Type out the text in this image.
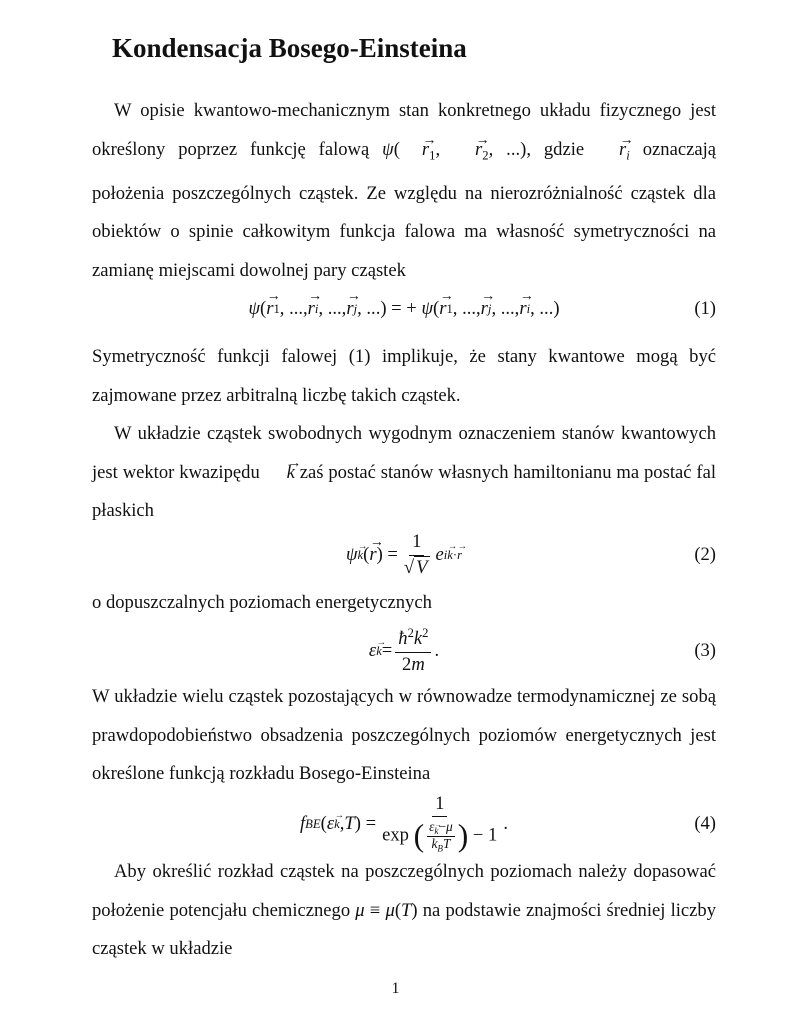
Kondensacja Bosego-Einsteina

W opisie kwantowo-mechanicznym stan konkretnego układu fizycznego jest określony poprzez funkcję falową ψ( $r \to_1$, $r \to_2$, ...), gdzie $r \to_i$ oznaczają położenia poszczególnych cząstek. Ze względu na nierozróżnialność cząstek dla obiektów o spinie całkowitym funkcja falowa ma własność symetryczności na zamianę miejscami dowolnej pary cząstek

ψ ( r → 1 , ..., r → i , ..., r → j , ...) = + ψ ( r → 1 , ..., r → j , ..., r → i , ...)	(1)

Symetryczność funkcji falowej (1) implikuje, że stany kwantowe mogą być zajmowane przez arbitralną liczbę takich cząstek.

W układzie cząstek swobodnych wygodnym oznaczeniem stanów kwantowych jest wektor kwazipędu k → zaś postać stanów własnych hamiltonianu ma postać fal płaskich

ψ k → ( r → ) = $\frac{1}{√ V}$ e ik →·r →	(2)

o dopuszczalnych poziomach energetycznych

ε k → = $\frac{ħ^2k^2}{2m}$ .	(3)

W układzie wielu cząstek pozostających w równowadze termodynamicznej ze sobą prawdopodobieństwo obsadzenia poszczególnych poziomów energetycznych jest określone funkcją rozkładu Bosego-Einsteina

f BE ( ε k → , T ) = $\frac{1}{\exp ( \frac{\varepsilon_k \to-\mu}{k_BT} ) - 1}$ .	(4)

Aby określić rozkład cząstek na poszczególnych poziomach należy dopasować położenie potencjału chemicznego μ ≡ μ(T) na podstawie znajmości średniej liczby cząstek w układzie

1
